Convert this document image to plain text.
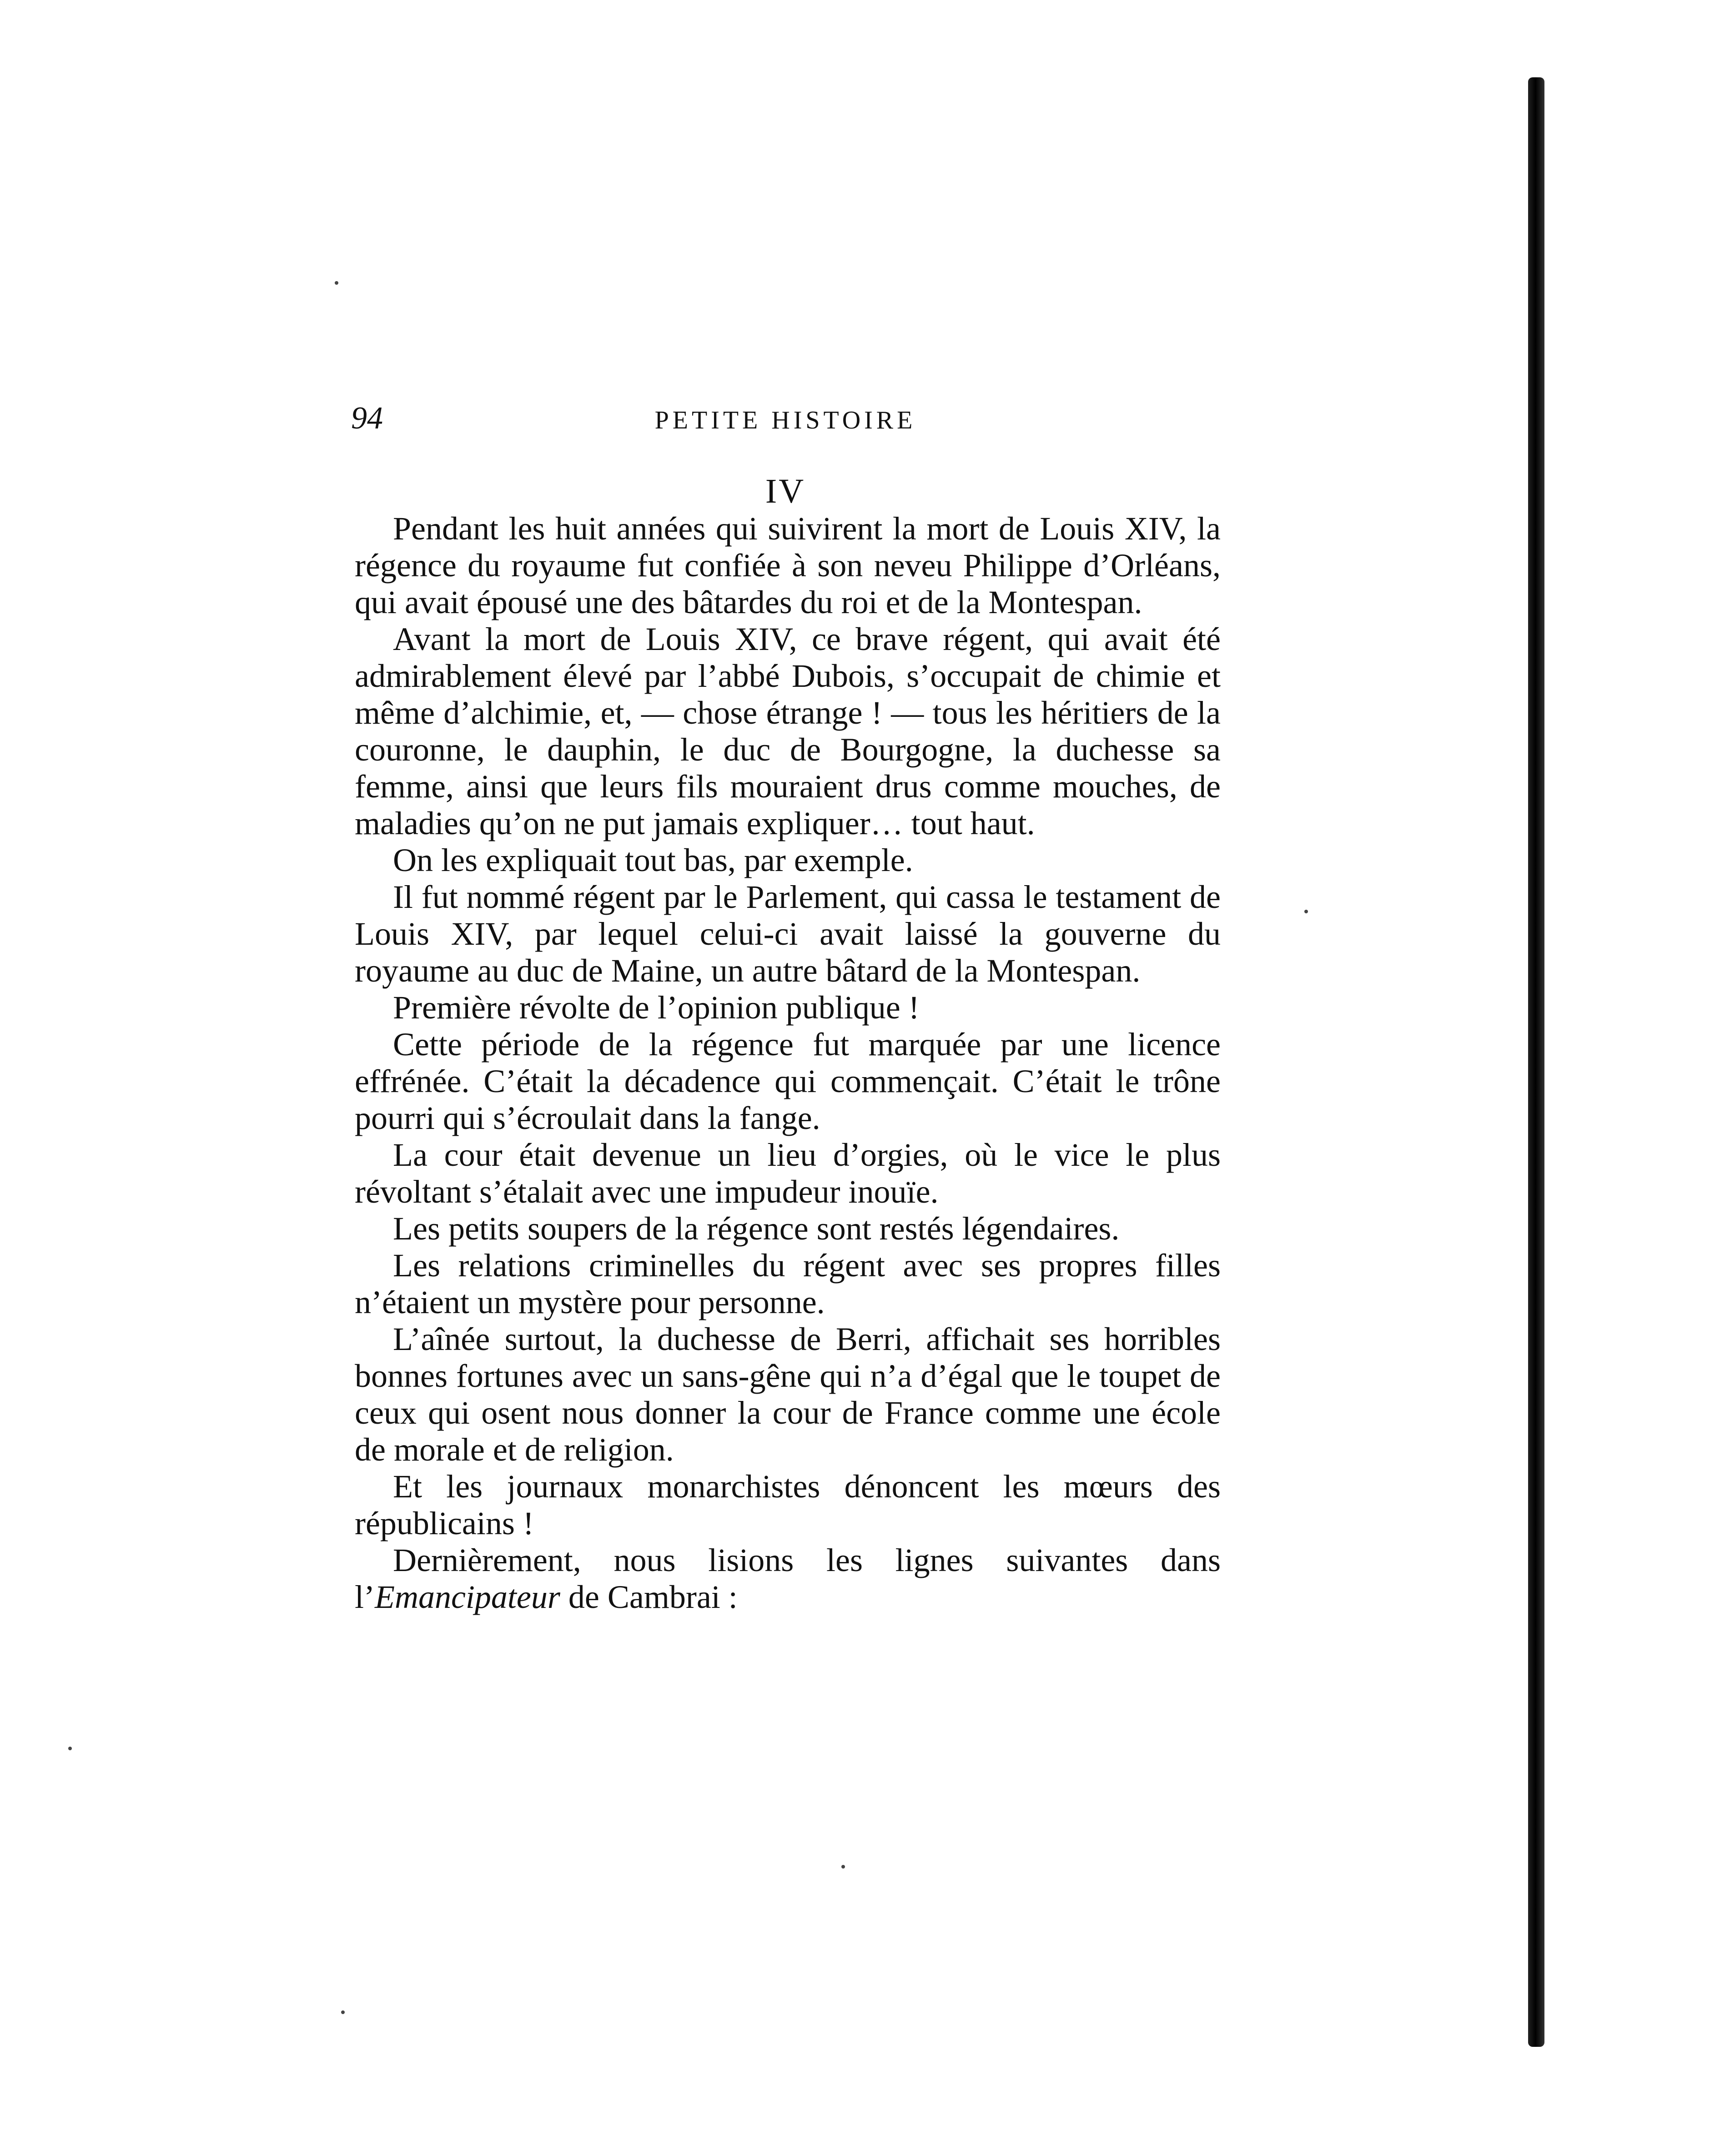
94	PETITE HISTOIRE
IV

Pendant les huit années qui suivirent la mort de Louis XIV, la régence du royaume fut confiée à son neveu Philippe d’Orléans, qui avait épousé une des bâtardes du roi et de la Montespan.

Avant la mort de Louis XIV, ce brave régent, qui avait été admirablement élevé par l’abbé Dubois, s’occupait de chimie et même d’alchimie, et, — chose étrange ! — tous les héritiers de la couronne, le dauphin, le duc de Bourgogne, la duchesse sa femme, ainsi que leurs fils mouraient drus comme mouches, de maladies qu’on ne put jamais expliquer… tout haut.

On les expliquait tout bas, par exemple.

Il fut nommé régent par le Parlement, qui cassa le testament de Louis XIV, par lequel celui-ci avait laissé la gouverne du royaume au duc de Maine, un autre bâtard de la Montespan.

Première révolte de l’opinion publique !

Cette période de la régence fut marquée par une licence effrénée. C’était la décadence qui commençait. C’était le trône pourri qui s’écroulait dans la fange.

La cour était devenue un lieu d’orgies, où le vice le plus révoltant s’étalait avec une impudeur inouïe.

Les petits soupers de la régence sont restés légendaires.

Les relations criminelles du régent avec ses propres filles n’étaient un mystère pour personne.

L’aînée surtout, la duchesse de Berri, affichait ses horribles bonnes fortunes avec un sans-gêne qui n’a d’égal que le toupet de ceux qui osent nous donner la cour de France comme une école de morale et de religion.

Et les journaux monarchistes dénoncent les mœurs des républicains !

Dernièrement, nous lisions les lignes suivantes dans l’Emancipateur de Cambrai :
